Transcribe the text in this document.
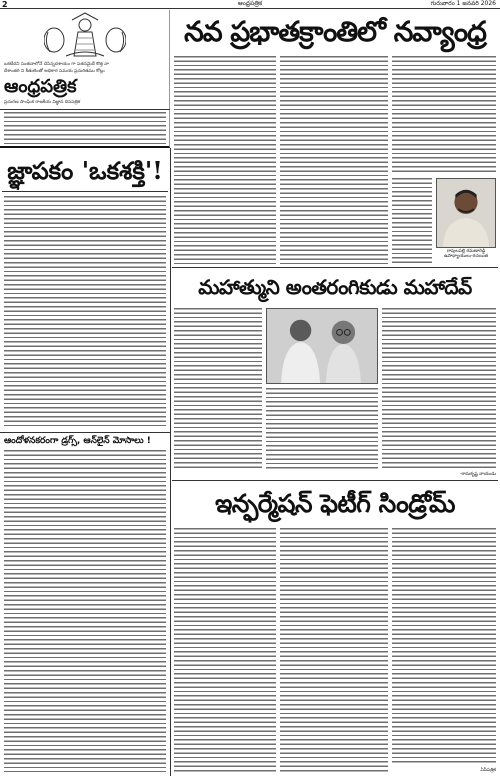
2	ఆంధ్రపత్రిక	గురువారం 1 జనవరి 2026
ఒకటేదని సంతనాలోనే చెసిన్నదశాయం గా పతనమైదే కొత్త నా
దేశాంతరి ని కీతులెంతో అధికార సమయ ప్రచురితము కోట్లు
ఆంధ్రపత్రిక
ప్రచురణ సాంఘిక రాజకీయ విజ్ఞాన దినపత్రిక
నవ ప్రభాతక్రాంతిలో నవ్యాంధ్ర
రావులపల్లి రమణారెడ్డి ఉపాధ్యాయులు-రచయిత
జ్ఞాపకం 'ఒకశక్తి'!
ఆందోళనకరంగా డ్రగ్స్, ఆన్‌లైన్ మోసాలు !
మహాత్ముని అంతరంగికుడు మహాదేవ్
-రామకృష్ణ నాయుడు
ఇన్ఫర్మేషన్ ఫెటీగ్ సిండ్రోమ్
ఏపీపత్రిక
